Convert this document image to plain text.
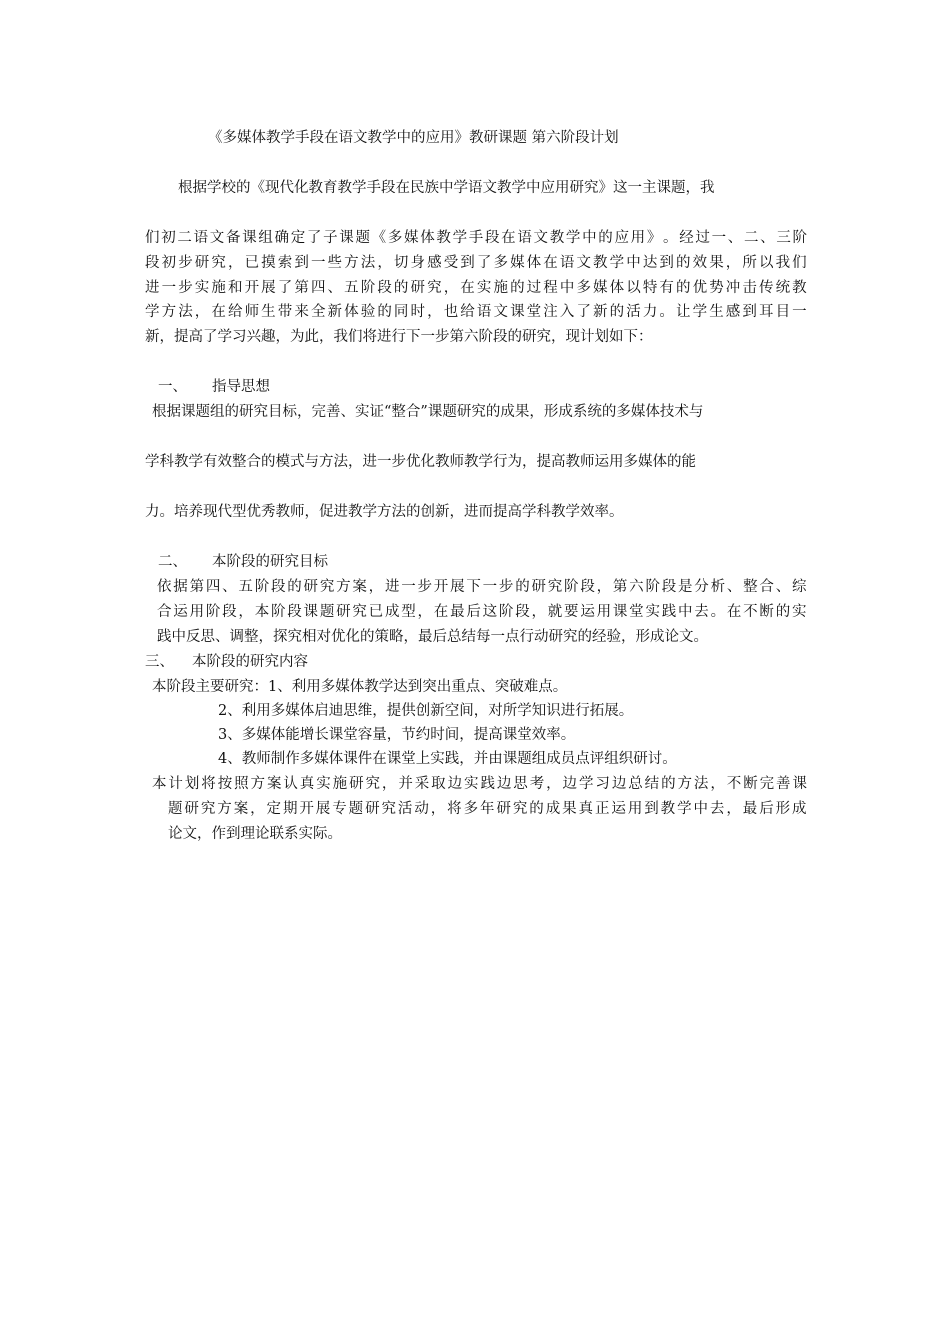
《多媒体教学手段在语文教学中的应用》教研课题 第六阶段计划
根据学校的《现代化教育教学手段在民族中学语文教学中应用研究》这一主课题，我
们 初 二 语 文 备 课 组 确 定 了 子 课 题 《 多 媒 体 教 学 手 段 在 语 文 教 学 中 的 应 用 》 。 经 过 一 、 二 、 三 阶
段 初 步 研 究 ， 已 摸 索 到 一 些 方 法 ， 切 身 感 受 到 了 多 媒 体 在 语 文 教 学 中 达 到 的 效 果 ， 所 以 我 们
进 一 步 实 施 和 开 展 了 第 四 、 五 阶 段 的 研 究 ， 在 实 施 的 过 程 中 多 媒 体 以 特 有 的 优 势 冲 击 传 统 教
学 方 法 ， 在 给 师 生 带 来 全 新 体 验 的 同 时 ， 也 给 语 文 课 堂 注 入 了 新 的 活 力 。 让 学 生 感 到 耳 目 一
新，提高了学习兴趣，为此，我们将进行下一步第六阶段的研究，现计划如下：
一、 指导思想
根据课题组的研究目标，完善、实证“整合”课题研究的成果，形成系统的多媒体技术与
学科教学有效整合的模式与方法，进一步优化教师教学行为，提高教师运用多媒体的能
力。培养现代型优秀教师，促进教学方法的创新，进而提高学科教学效率。
二、 本阶段的研究目标
依 据 第 四 、 五 阶 段 的 研 究 方 案 ， 进 一 步 开 展 下 一 步 的 研 究 阶 段 ， 第 六 阶 段 是 分 析 、 整 合 、 综
合 运 用 阶 段 ， 本 阶 段 课 题 研 究 已 成 型 ， 在 最 后 这 阶 段 ， 就 要 运 用 课 堂 实 践 中 去 。 在 不 断 的 实
践中反思、调整，探究相对优化的策略，最后总结每一点行动研究的经验，形成论文。
三、 本阶段的研究内容
本阶段主要研究：1、利用多媒体教学达到突出重点、突破难点。
2、利用多媒体启迪思维，提供创新空间，对所学知识进行拓展。
3、多媒体能增长课堂容量，节约时间，提高课堂效率。
4、教师制作多媒体课件在课堂上实践，并由课题组成员点评组织研讨。
本 计 划 将 按 照 方 案 认 真 实 施 研 究 ， 并 采 取 边 实 践 边 思 考 ， 边 学 习 边 总 结 的 方 法 ， 不 断 完 善 课
题 研 究 方 案 ， 定 期 开 展 专 题 研 究 活 动 ， 将 多 年 研 究 的 成 果 真 正 运 用 到 教 学 中 去 ， 最 后 形 成
论文，作到理论联系实际。
